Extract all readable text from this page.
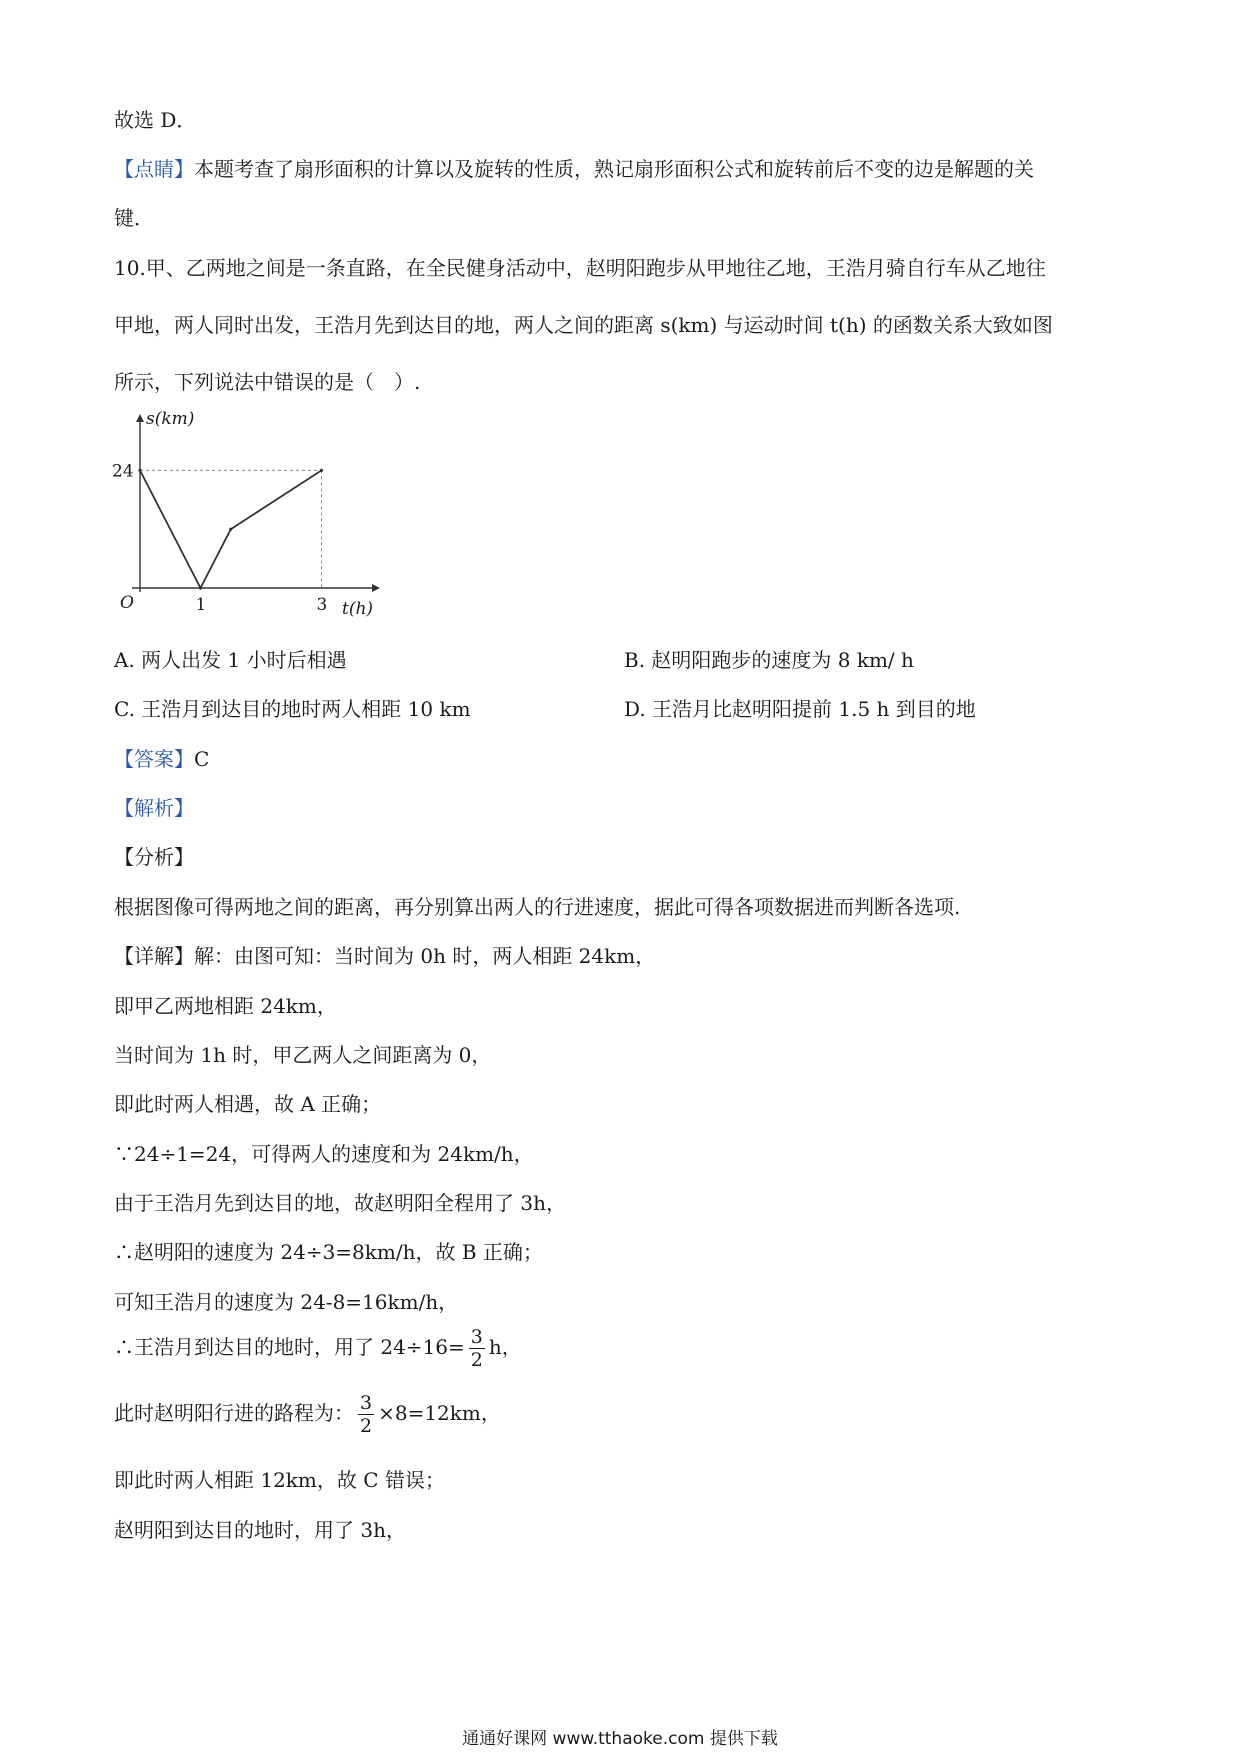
故选 D．
【点睛】本题考查了扇形面积的计算以及旋转的性质，熟记扇形面积公式和旋转前后不变的边是解题的关
键．
10.甲、乙两地之间是一条直路，在全民健身活动中，赵明阳跑步从甲地往乙地，王浩月骑自行车从乙地往
甲地，两人同时出发，王浩月先到达目的地，两人之间的距离 s(km) 与运动时间 t(h) 的函数关系大致如图
所示，下列说法中错误的是（　）.
s(km)
t(h)
O	1	3
24
A. 两人出发 1 小时后相遇	B. 赵明阳跑步的速度为 8 km/ h
C. 王浩月到达目的地时两人相距 10 km	D. 王浩月比赵明阳提前 1.5 h 到目的地
【答案】C
【解析】
【分析】
根据图像可得两地之间的距离，再分别算出两人的行进速度，据此可得各项数据进而判断各选项.
【详解】解：由图可知：当时间为 0h 时，两人相距 24km，
即甲乙两地相距 24km，
当时间为 1h 时，甲乙两人之间距离为 0，
即此时两人相遇，故 A 正确；
∵24÷1=24，可得两人的速度和为 24km/h，
由于王浩月先到达目的地，故赵明阳全程用了 3h，
∴赵明阳的速度为 24÷3=8km/h，故 B 正确；
可知王浩月的速度为 24-8=16km/h，
∴王浩月到达目的地时，用了 $24\div 16= \frac{3}{2}$ h，
此时赵明阳行进的路程为： $\frac{3}{2} \times 8=12km$，
即此时两人相距 12km，故 C 错误；
赵明阳到达目的地时，用了 3h，
通通好课网 www.tthaoke.com 提供下载
